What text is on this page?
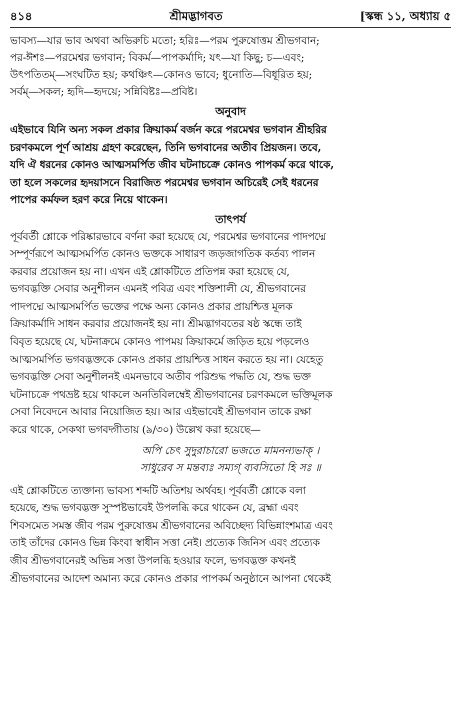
৪১৪	শ্রীমদ্ভাগবত	[স্কন্ধ ১১, অধ্যায় ৫

ভাবস্য—যার ভাব অথবা অভিরুচি মতো; হরিঃ—পরম পুরুষোত্তম শ্রীভগবান;

পর-ঈশঃ—পরমেশ্বর ভগবান; বিকর্ম—পাপকর্মাদি; যৎ—যা কিছু; চ—এবং;

উৎপতিতম্—সংঘটিত হয়; কথঞ্চিৎ—কোনও ভাবে; ধুনোতি—বিধূরিত হয়;

সর্বম্—সকল; হৃদি—হৃদয়ে; সন্নিবিষ্টঃ—প্রবিষ্ট।

অনুবাদ

এইভাবে যিনি অন্য সকল প্রকার ক্রিয়াকর্ম বর্জন করে পরমেশ্বর ভগবান শ্রীহরির

চরণকমলে পূর্ণ আশ্রয় গ্রহণ করেছেন, তিনি ভগবানের অতীব প্রিয়জন। তবে,

যদি ঐ ধরনের কোনও আত্মসমর্পিত জীব ঘটনাচক্রে কোনও পাপকর্ম করে থাকে,

তা হলে সকলের হৃদয়াসনে বিরাজিত পরমেশ্বর ভগবান অচিরেই সেই ধরনের

পাপের কর্মফল হরণ করে নিয়ে থাকেন।

তাৎপর্য

পূর্ববর্তী শ্লোকে পরিষ্কারভাবে বর্ণনা করা হয়েছে যে, পরমেশ্বর ভগবানের পাদপদ্মে

সম্পূর্ণরূপে আত্মসমর্পিত কোনও ভক্তকে সাধারণ জড়জাগতিক কর্তব্য পালন

করবার প্রয়োজন হয় না। এখন এই শ্লোকটিতে প্রতিপন্ন করা হয়েছে যে,

ভগবদ্ভক্তি সেবার অনুশীলন এমনই পবিত্র এবং শক্তিশালী যে, শ্রীভগবানের

পাদপদ্মে আত্মসমর্পিত ভক্তের পক্ষে অন্য কোনও প্রকার প্রায়শ্চিত্ত মূলক

ক্রিয়াকর্মাদি সাধন করবার প্রয়োজনই হয় না। শ্রীমদ্ভাগবতের ষষ্ঠ স্কন্ধে তাই

বিবৃত হয়েছে যে, ঘটনাক্রমে কোনও পাপময় ক্রিয়াকর্মে জড়িত হয়ে পড়লেও

আত্মসমর্পিত ভগবদ্ভক্তকে কোনও প্রকার প্রায়শ্চিত্ত সাধন করতে হয় না। যেহেতু

ভগবদ্ভক্তি সেবা অনুশীলনই এমনভাবে অতীব পরিশুদ্ধ পদ্ধতি যে, শুদ্ধ ভক্ত

ঘটনাচক্রে পথভ্রষ্ট হয়ে থাকলে অনতিবিলম্বেই শ্রীভগবানের চরণকমলে ভক্তিমূলক

সেবা নিবেদনে আবার নিয়োজিত হয়। আর এইভাবেই শ্রীভগবান তাকে রক্ষা

করে থাকে, সেকথা ভগবদ্গীতায় (৯/৩০) উল্লেখ করা হয়েছে—

অপি চেৎ সুদুরাচারো ভজতে মামনন্যভাক্ ।
সাধুরেব স মন্তব্যঃ সম্যগ্ ব্যবসিতো হি সঃ ॥

এই শ্লোকটিতে ত্যক্তান্য ভাবস্য শব্দটি অতিশয় অর্থবহ। পূর্ববর্তী শ্লোকে বলা

হয়েছে, শুদ্ধ ভগবদ্ভক্ত সুস্পষ্টভাবেই উপলব্ধি করে থাকেন যে, ব্রহ্মা এবং

শিবসমেত সমস্ত জীব পরম পুরুষোত্তম শ্রীভগবানের অবিচ্ছেদ্য বিভিন্নাংশমাত্র এবং

তাই তাঁদের কোনও ভিন্ন কিংবা স্বাধীন সত্তা নেই। প্রত্যেক জিনিস এবং প্রত্যেক

জীব শ্রীভগবানেরই অভিন্ন সত্তা উপলব্ধি হওয়ার ফলে, ভগবদ্ভক্ত কখনই

শ্রীভগবানের আদেশ অমান্য করে কোনও প্রকার পাপকর্ম অনুষ্ঠানে আপনা থেকেই
